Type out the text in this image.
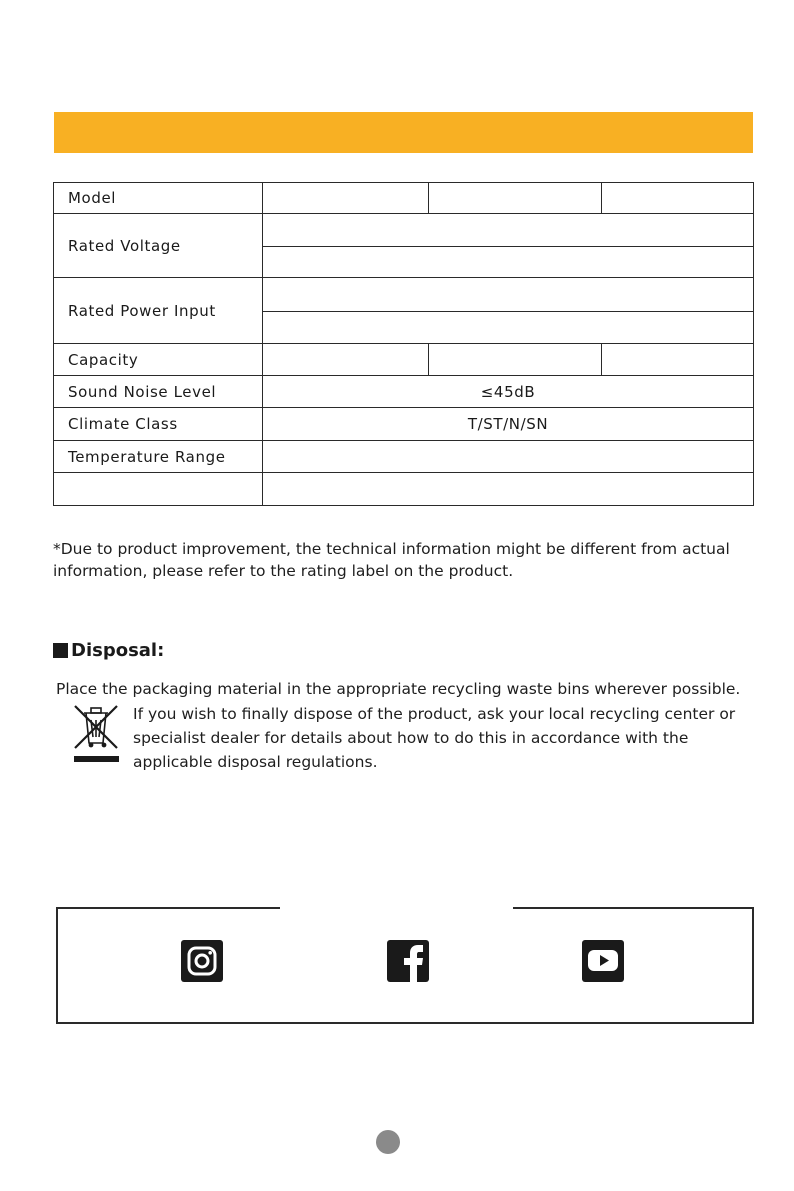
Model			
Rated Voltage			

Rated Power Input			

Capacity			
Sound Noise Level	≤45dB		
Climate Class	T/ST/N/SN		
Temperature Range			

*Due to product improvement, the technical information might be different from actual information, please refer to the rating label on the product.
Disposal:
Place the packaging material in the appropriate recycling waste bins wherever possible.
If you wish to finally dispose of the product, ask your local recycling center or specialist dealer for details about how to do this in accordance with the applicable disposal regulations.
